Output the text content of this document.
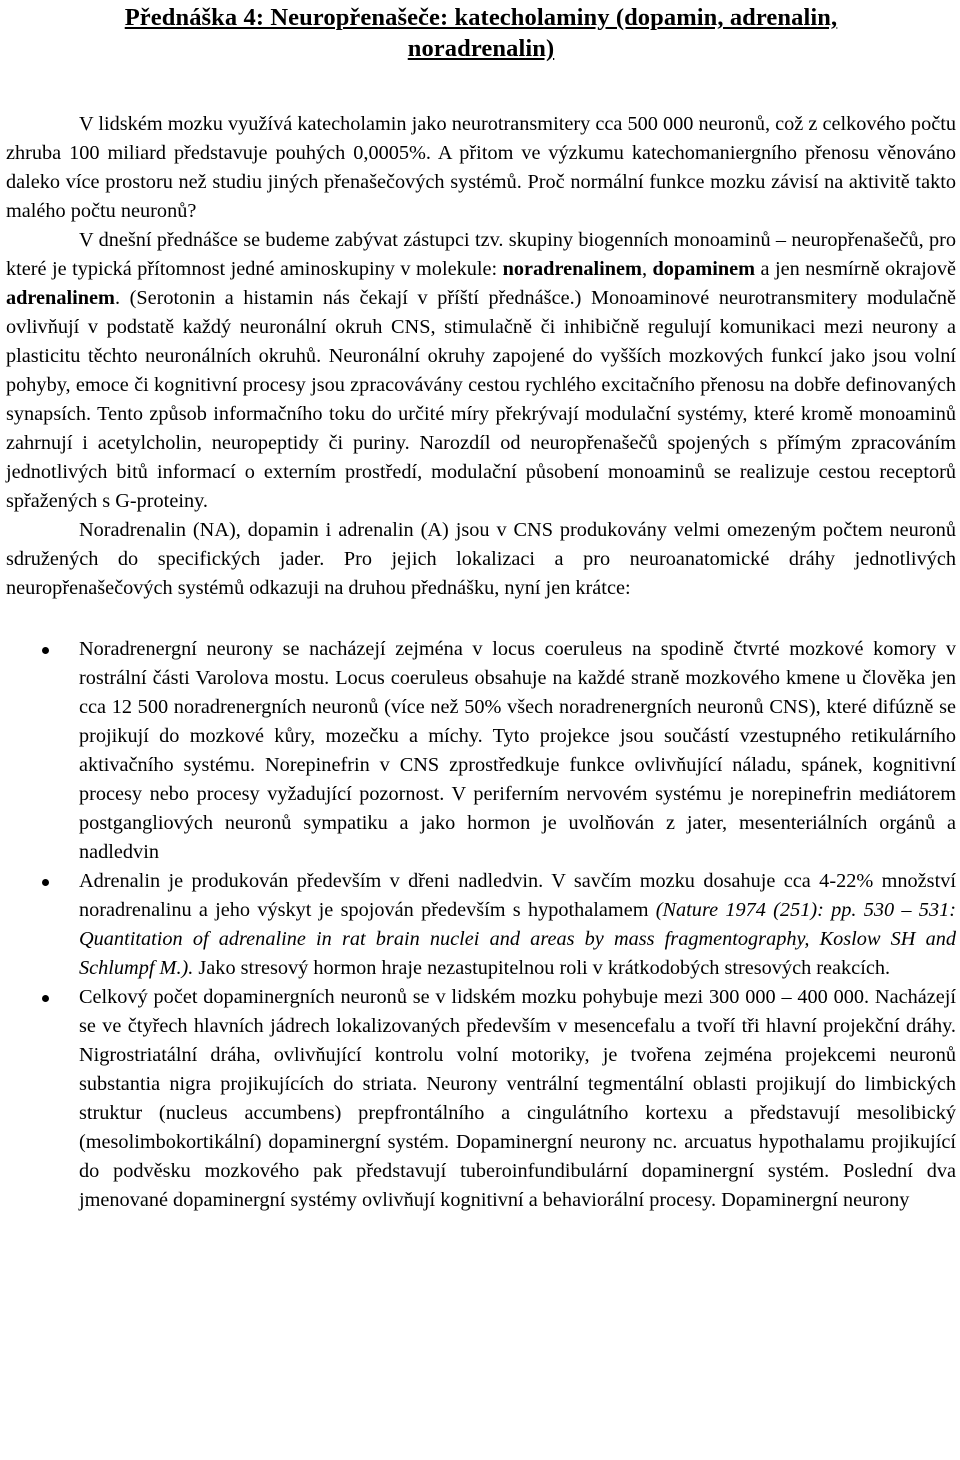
Přednáška 4: Neuropřenašeče: katecholaminy (dopamin, adrenalin,
noradrenalin)

V lidském mozku využívá katecholamin jako neurotransmitery cca 500 000 neuronů, což z celkového počtu zhruba 100 miliard představuje pouhých 0,0005%. A přitom ve výzkumu katechomaniergního přenosu věnováno daleko více prostoru než studiu jiných přenašečových systémů. Proč normální funkce mozku závisí na aktivitě takto malého počtu neuronů?

V dnešní přednášce se budeme zabývat zástupci tzv. skupiny biogenních monoaminů – neuropřenašečů, pro které je typická přítomnost jedné aminoskupiny v molekule: noradrenalinem, dopaminem a jen nesmírně okrajově adrenalinem. (Serotonin a histamin nás čekají v příští přednášce.) Monoaminové neurotransmitery modulačně ovlivňují v podstatě každý neuronální okruh CNS, stimulačně či inhibičně regulují komunikaci mezi neurony a plasticitu těchto neuronálních okruhů. Neuronální okruhy zapojené do vyšších mozkových funkcí jako jsou volní pohyby, emoce či kognitivní procesy jsou zpracovávány cestou rychlého excitačního přenosu na dobře definovaných synapsích. Tento způsob informačního toku do určité míry překrývají modulační systémy, které kromě monoaminů zahrnují i acetylcholin, neuropeptidy či puriny. Narozdíl od neuropřenašečů spojených s přímým zpracováním jednotlivých bitů informací o externím prostředí, modulační působení monoaminů se realizuje cestou receptorů spřažených s G-proteiny.

Noradrenalin (NA), dopamin i adrenalin (A) jsou v CNS produkovány velmi omezeným počtem neuronů sdružených do specifických jader. Pro jejich lokalizaci a pro neuroanatomické dráhy jednotlivých neuropřenašečových systémů odkazuji na druhou přednášku, nyní jen krátce:

Noradrenergní neurony se nacházejí zejména v locus coeruleus na spodině čtvrté mozkové komory v rostrální části Varolova mostu. Locus coeruleus obsahuje na každé straně mozkového kmene u člověka jen cca 12 500 noradrenergních neuronů (více než 50% všech noradrenergních neuronů CNS), které difúzně se projikují do mozkové kůry, mozečku a míchy. Tyto projekce jsou součástí vzestupného retikulárního aktivačního systému. Norepinefrin v CNS zprostředkuje funkce ovlivňující náladu, spánek, kognitivní procesy nebo procesy vyžadující pozornost. V periferním nervovém systému je norepinefrin mediátorem postgangliových neuronů sympatiku a jako hormon je uvolňován z jater, mesenteriálních orgánů a nadledvin
Adrenalin je produkován především v dřeni nadledvin. V savčím mozku dosahuje cca 4-22% množství noradrenalinu a jeho výskyt je spojován především s hypothalamem (Nature 1974 (251): pp. 530 – 531: Quantitation of adrenaline in rat brain nuclei and areas by mass fragmentography, Koslow SH and Schlumpf M.). Jako stresový hormon hraje nezastupitelnou roli v krátkodobých stresových reakcích.
Celkový počet dopaminergních neuronů se v lidském mozku pohybuje mezi 300 000 – 400 000. Nacházejí se ve čtyřech hlavních jádrech lokalizovaných především v mesencefalu a tvoří tři hlavní projekční dráhy. Nigrostriatální dráha, ovlivňující kontrolu volní motoriky, je tvořena zejména projekcemi neuronů substantia nigra projikujících do striata. Neurony ventrální tegmentální oblasti projikují do limbických struktur (nucleus accumbens) prepfrontálního a cingulátního kortexu a představují mesolibický (mesolimbokortikální) dopaminergní systém. Dopaminergní neurony nc. arcuatus hypothalamu projikující do podvěsku mozkového pak představují tuberoinfundibulární dopaminergní systém. Poslední dva jmenované dopaminergní systémy ovlivňují kognitivní a behaviorální procesy. Dopaminergní neurony
